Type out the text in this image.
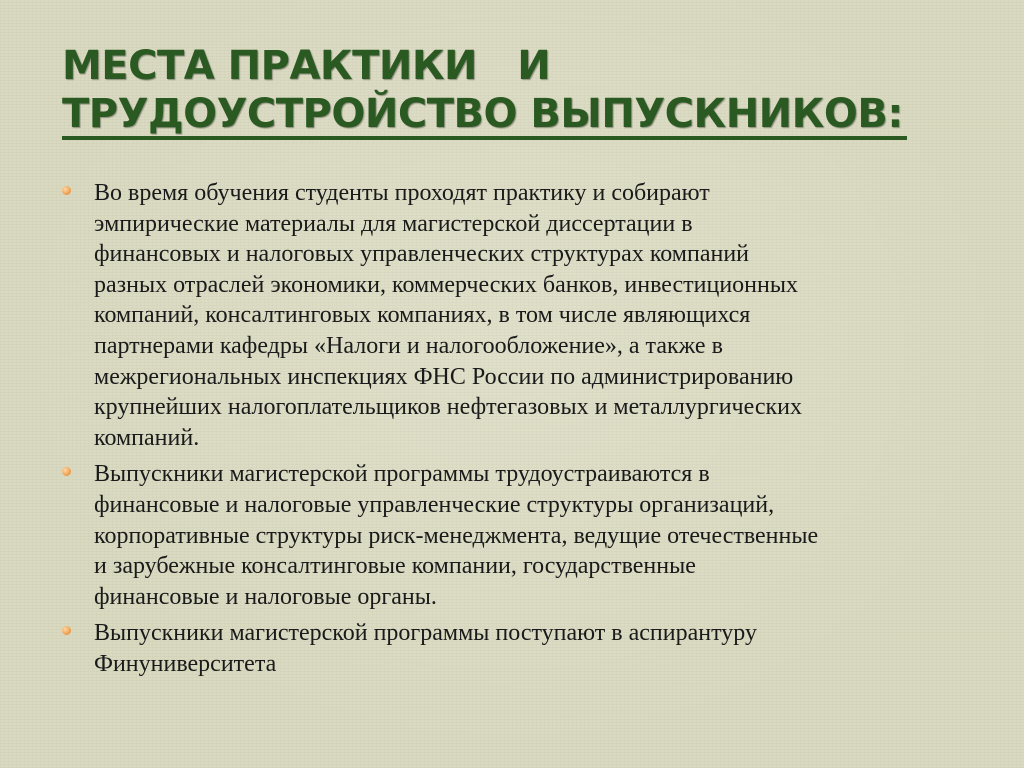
МЕСТА ПРАКТИКИ   И
ТРУДОУСТРОЙСТВО ВЫПУСКНИКОВ:
Во время обучения студенты проходят практику и собирают
эмпирические материалы для магистерской диссертации в
финансовых и налоговых управленческих структурах компаний
разных отраслей экономики, коммерческих банков, инвестиционных
компаний, консалтинговых компаниях, в том числе являющихся
партнерами кафедры «Налоги и налогообложение», а также в
межрегиональных инспекциях ФНС России по администрированию
крупнейших налогоплательщиков нефтегазовых и металлургических
компаний.
Выпускники магистерской программы трудоустраиваются в
финансовые и налоговые управленческие структуры организаций,
корпоративные структуры риск-менеджмента, ведущие отечественные
и зарубежные консалтинговые компании, государственные
финансовые и налоговые органы.
Выпускники магистерской программы поступают в аспирантуру
Финуниверситета
